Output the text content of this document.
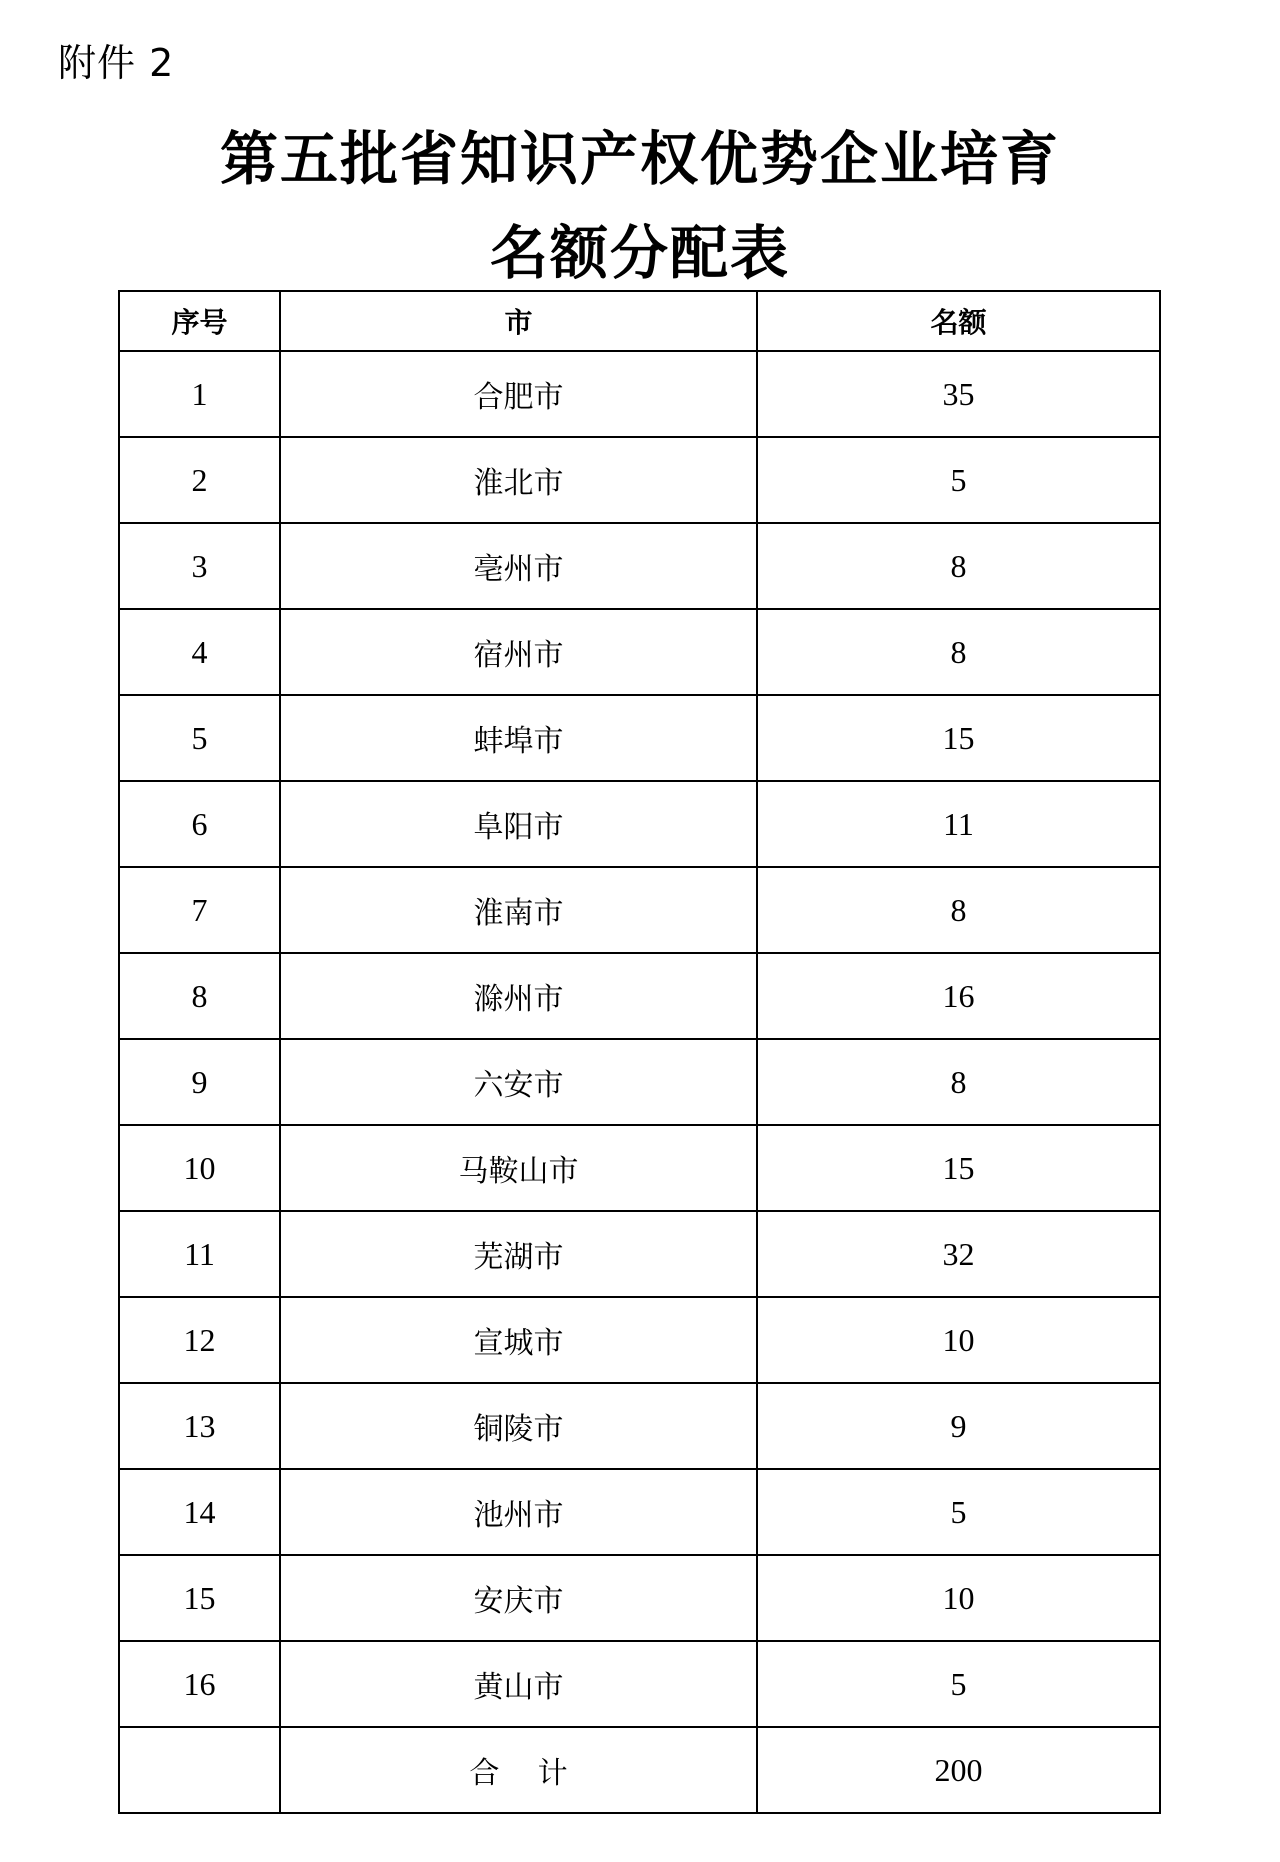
附件 2
第五批省知识产权优势企业培育
名额分配表
序号	市	名额
1	合肥市	35
2	淮北市	5
3	亳州市	8
4	宿州市	8
5	蚌埠市	15
6	阜阳市	11
7	淮南市	8
8	滁州市	16
9	六安市	8
10	马鞍山市	15
11	芜湖市	32
12	宣城市	10
13	铜陵市	9
14	池州市	5
15	安庆市	10
16	黄山市	5
	合    计	200
